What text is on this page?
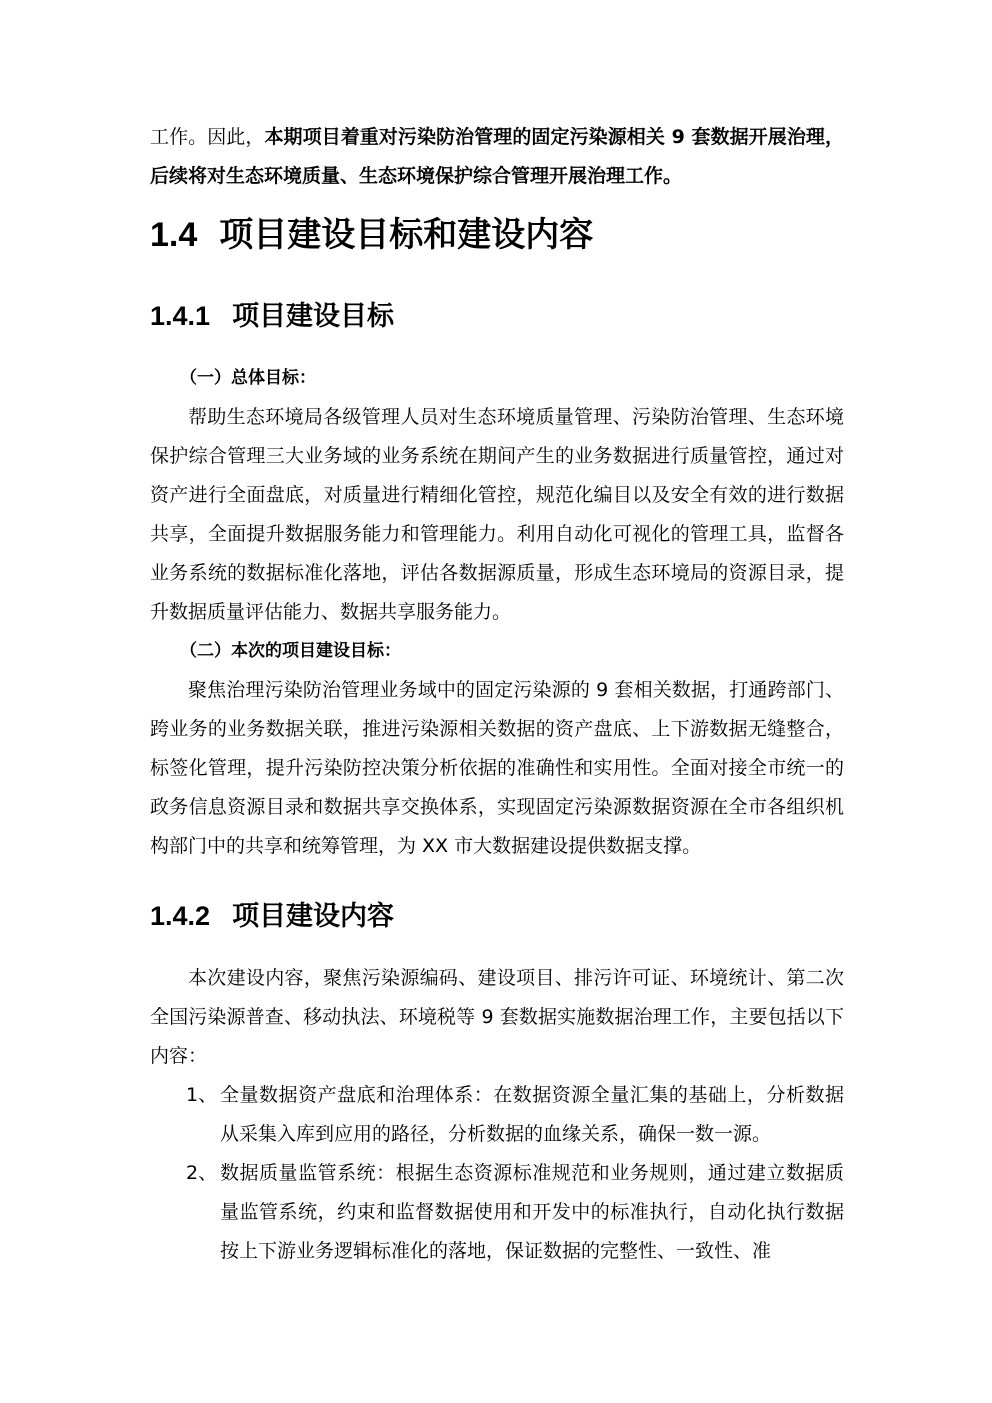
工作。因此，本期项目着重对污染防治管理的固定污染源相关 9 套数据开展治理，后续将对生态环境质量、生态环境保护综合管理开展治理工作。

1.4 项目建设目标和建设内容
1.4.1 项目建设目标

（一）总体目标：

帮助生态环境局各级管理人员对生态环境质量管理、污染防治管理、生态环境保护综合管理三大业务域的业务系统在期间产生的业务数据进行质量管控，通过对资产进行全面盘底，对质量进行精细化管控，规范化编目以及安全有效的进行数据共享，全面提升数据服务能力和管理能力。利用自动化可视化的管理工具，监督各业务系统的数据标准化落地，评估各数据源质量，形成生态环境局的资源目录，提升数据质量评估能力、数据共享服务能力。

（二）本次的项目建设目标：

聚焦治理污染防治管理业务域中的固定污染源的 9 套相关数据，打通跨部门、跨业务的业务数据关联，推进污染源相关数据的资产盘底、上下游数据无缝整合，标签化管理，提升污染防控决策分析依据的准确性和实用性。全面对接全市统一的政务信息资源目录和数据共享交换体系，实现固定污染源数据资源在全市各组织机构部门中的共享和统筹管理，为 XX 市大数据建设提供数据支撑。

1.4.2 项目建设内容

本次建设内容，聚焦污染源编码、建设项目、排污许可证、环境统计、第二次全国污染源普查、移动执法、环境税等 9 套数据实施数据治理工作，主要包括以下内容：

1、 全量数据资产盘底和治理体系：在数据资源全量汇集的基础上，分析数据从采集入库到应用的路径，分析数据的血缘关系，确保一数一源。
2、 数据质量监管系统：根据生态资源标准规范和业务规则，通过建立数据质量监管系统，约束和监督数据使用和开发中的标准执行，自动化执行数据按上下游业务逻辑标准化的落地，保证数据的完整性、一致性、准
